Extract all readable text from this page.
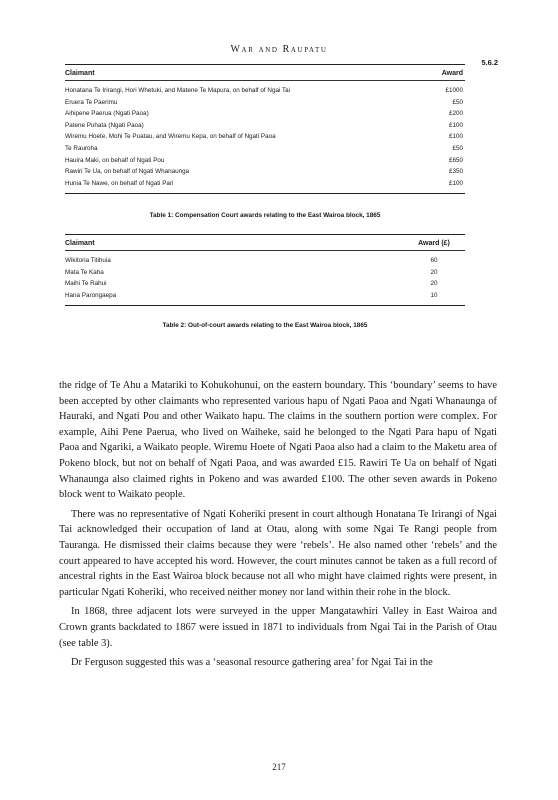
War and Raupatu
5.6.2
Claimant	Award
Honatana Te Irirangi, Hori Whetuki, and Matene Te Mapura, on behalf of Ngai Tai	£1000
Eruera Te Paerimu	£50
Aihipene Paerua (Ngati Paoa)	£200
Patene Puhata (Ngati Paoa)	£100
Wiremu Hoete, Mohi Te Puatau, and Wiremu Kepa, on behalf of Ngati Paoa	£100
Te Rauroha	£50
Hauira Maki, on behalf of Ngati Pou	£650
Rawiri Te Ua, on behalf of Ngati Whanaunga	£350
Hunia Te Nawe, on behalf of Ngati Pari	£100
Table 1: Compensation Court awards relating to the East Wairoa block, 1865
Claimant	Award (£)
Wikitoria Titihuia	60
Mata Te Kaha	20
Maihi Te Rahui	20
Hana Parongaepa	10
Table 2: Out-of-court awards relating to the East Wairoa block, 1865

the ridge of Te Ahu a Matariki to Kohukohunui, on the eastern boundary. This ‘boundary’ seems to have been accepted by other claimants who represented various hapu of Ngati Paoa and Ngati Whanaunga of Hauraki, and Ngati Pou and other Waikato hapu. The claims in the southern portion were complex. For example, Aihi Pene Paerua, who lived on Waiheke, said he belonged to the Ngati Para hapu of Ngati Paoa and Ngariki, a Waikato people. Wiremu Hoete of Ngati Paoa also had a claim to the Maketu area of Pokeno block, but not on behalf of Ngati Paoa, and was awarded £15. Rawiri Te Ua on behalf of Ngati Whanaunga also claimed rights in Pokeno and was awarded £100. The other seven awards in Pokeno block went to Waikato people.

There was no representative of Ngati Koheriki present in court although Honatana Te Irirangi of Ngai Tai acknowledged their occupation of land at Otau, along with some Ngai Te Rangi people from Tauranga. He dismissed their claims because they were ‘rebels’. He also named other ‘rebels’ and the court appeared to have accepted his word. However, the court minutes cannot be taken as a full record of ancestral rights in the East Wairoa block because not all who might have claimed rights were present, in particular Ngati Koheriki, who received neither money nor land within their rohe in the block.

In 1868, three adjacent lots were surveyed in the upper Mangatawhiri Valley in East Wairoa and Crown grants backdated to 1867 were issued in 1871 to individuals from Ngai Tai in the Parish of Otau (see table 3).

Dr Ferguson suggested this was a ‘seasonal resource gathering area’ for Ngai Tai in the

217
